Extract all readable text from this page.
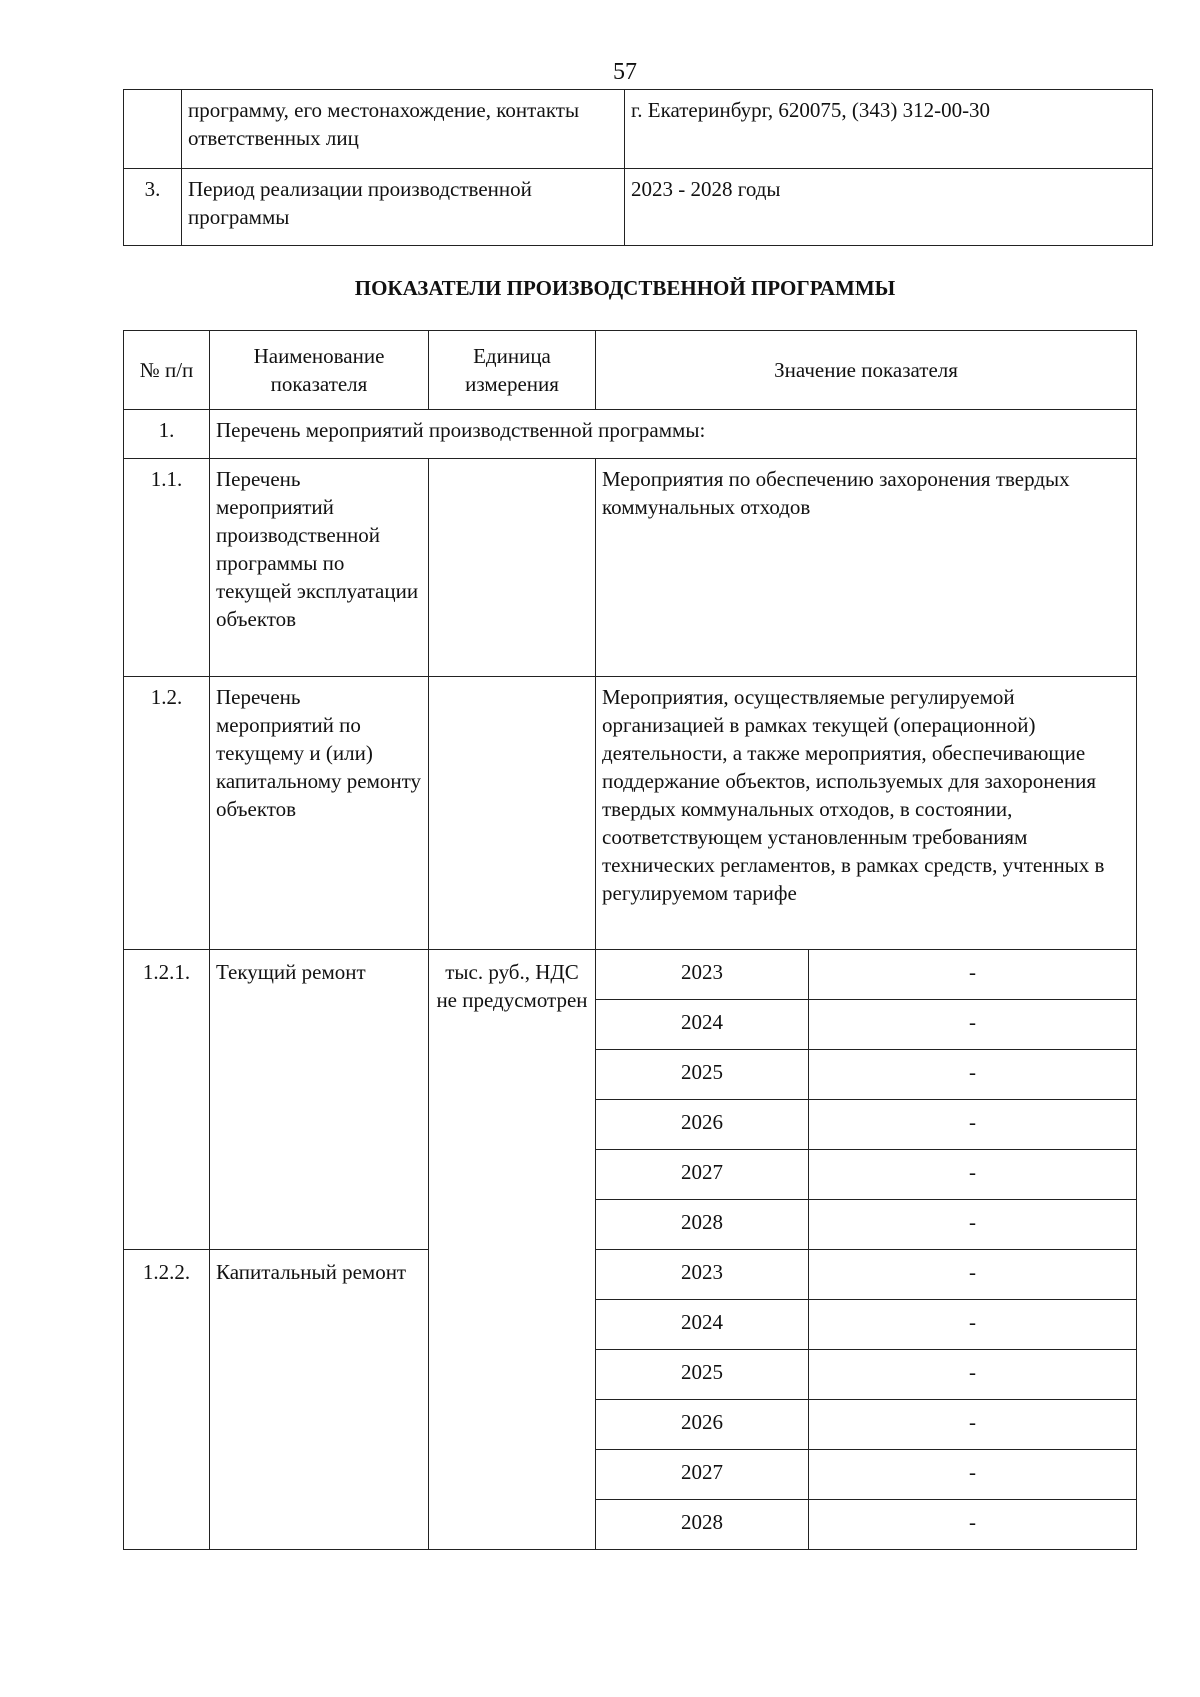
57
	программу, его местонахождение, контакты ответственных лиц	г. Екатеринбург, 620075, (343) 312-00-30
3.	Период реализации производственной программы	2023 - 2028 годы
ПОКАЗАТЕЛИ ПРОИЗВОДСТВЕННОЙ ПРОГРАММЫ
№ п/п	Наименование показателя	Единица измерения	Значение показателя	
1.	Перечень мероприятий производственной программы:			
1.1.	Перечень мероприятий производственной программы по текущей эксплуатации объектов		Мероприятия по обеспечению захоронения твердых коммунальных отходов	
1.2.	Перечень мероприятий по текущему и (или) капитальному ремонту объектов		Мероприятия, осуществляемые регулируемой организацией в рамках текущей (операционной) деятельности, а также мероприятия, обеспечивающие поддержание объектов, используемых для захоронения твердых коммунальных отходов, в состоянии, соответствующем установленным требованиям технических регламентов, в рамках средств, учтенных в регулируемом тарифе	
1.2.1.	Текущий ремонт	тыс. руб., НДС не предусмотрен	2023	-
			2024	-
			2025	-
			2026	-
			2027	-
			2028	-
1.2.2.	Капитальный ремонт		2023	-
			2024	-
			2025	-
			2026	-
			2027	-
			2028	-
